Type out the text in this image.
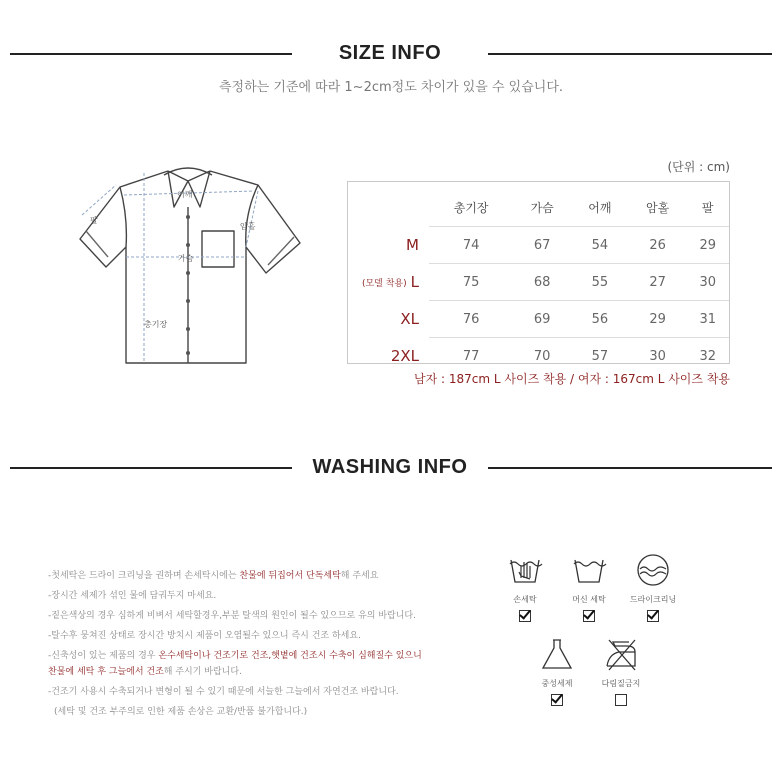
SIZE INFO
측정하는 기준에 따라 1~2cm정도 차이가 있을 수 있습니다.
어깨
팔
암홀
가슴
총기장
(단위 : cm)
	총기장	가슴	어깨	암홀	팔
M	74	67	54	26	29
(모델 착용) L	75	68	55	27	30
XL	76	69	56	29	31
2XL	77	70	57	30	32
남자 : 187cm L 사이즈 착용 / 여자 : 167cm L 사이즈 착용
WASHING INFO

-첫세탁은 드라이 크리닝을 권하며 손세탁시에는 찬물에 뒤집어서 단독세탁해 주세요

-장시간 세제가 섞인 물에 담궈두지 마세요.

-짙은색상의 경우 심하게 비벼서 세탁할경우,부분 탈색의 원인이 될수 있으므로 유의 바랍니다.

-탈수후 뭉쳐진 상태로 장시간 방치시 제품이 오염될수 있으니 즉시 건조 하세요.

-신축성이 있는 제품의 경우 온수세탁이나 건조기로 건조,햇볕에 건조시 수축이 심해질수 있으니

찬물에 세탁 후 그늘에서 건조해 주시기 바랍니다.

-건조기 사용시 수축되거나 변형이 될 수 있기 때문에 서늘한 그늘에서 자연건조 바랍니다.

(세탁 및 건조 부주의로 인한 제품 손상은 교환/반품 불가합니다.)

손세탁	머신 세탁	드라이크리닝
중성세제	다림질금지
